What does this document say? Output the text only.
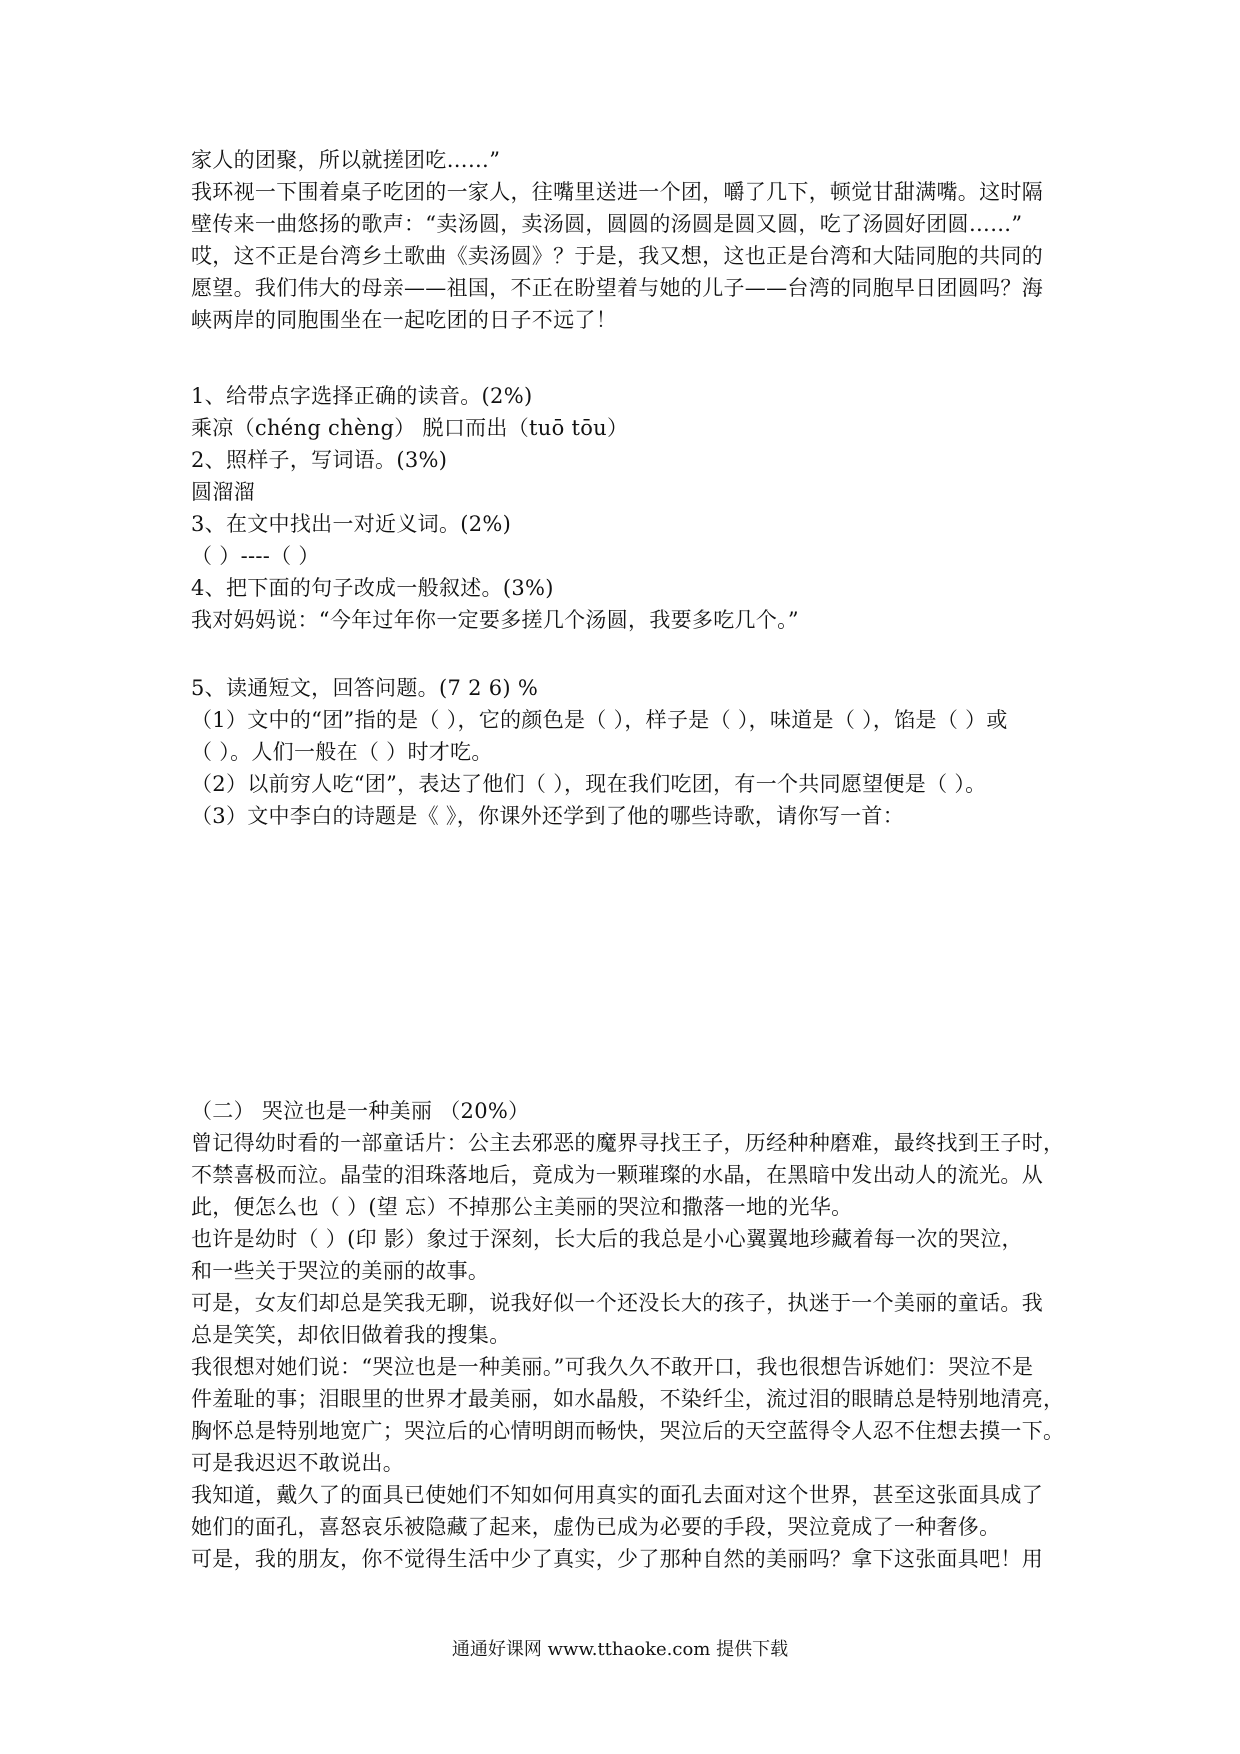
家人的团聚，所以就搓团吃……”
我环视一下围着桌子吃团的一家人，往嘴里送进一个团，嚼了几下，顿觉甘甜满嘴。这时隔
壁传来一曲悠扬的歌声：“卖汤圆，卖汤圆，圆圆的汤圆是圆又圆，吃了汤圆好团圆……”
哎，这不正是台湾乡土歌曲《卖汤圆》？于是，我又想，这也正是台湾和大陆同胞的共同的
愿望。我们伟大的母亲——祖国，不正在盼望着与她的儿子——台湾的同胞早日团圆吗？海
峡两岸的同胞围坐在一起吃团的日子不远了！
1、给带点字选择正确的读音。(2%)
乘凉（chéng chèng） 脱口而出（tuō tōu）
2、照样子，写词语。(3%)
圆溜溜
3、在文中找出一对近义词。(2%)
（ ）----（ ）
4、把下面的句子改成一般叙述。(3%)
我对妈妈说：“今年过年你一定要多搓几个汤圆，我要多吃几个。”
5、读通短文，回答问题。(7 2 6) %
（1）文中的“团”指的是（ ），它的颜色是（ ），样子是（ ），味道是（ ），馅是（ ）或
（ ）。人们一般在（ ）时才吃。
（2）以前穷人吃“团”，表达了他们（ ），现在我们吃团，有一个共同愿望便是（ ）。
（3）文中李白的诗题是《 》，你课外还学到了他的哪些诗歌，请你写一首：
（二） 哭泣也是一种美丽 （20%）
曾记得幼时看的一部童话片：公主去邪恶的魔界寻找王子，历经种种磨难，最终找到王子时，
不禁喜极而泣。晶莹的泪珠落地后，竟成为一颗璀璨的水晶，在黑暗中发出动人的流光。从
此，便怎么也（ ）(望 忘）不掉那公主美丽的哭泣和撒落一地的光华。
也许是幼时（ ）(印 影）象过于深刻，长大后的我总是小心翼翼地珍藏着每一次的哭泣，
和一些关于哭泣的美丽的故事。
可是，女友们却总是笑我无聊，说我好似一个还没长大的孩子，执迷于一个美丽的童话。我
总是笑笑，却依旧做着我的搜集。
我很想对她们说：“哭泣也是一种美丽。”可我久久不敢开口，我也很想告诉她们：哭泣不是
件羞耻的事；泪眼里的世界才最美丽，如水晶般，不染纤尘，流过泪的眼睛总是特别地清亮，
胸怀总是特别地宽广；哭泣后的心情明朗而畅快，哭泣后的天空蓝得令人忍不住想去摸一下。
可是我迟迟不敢说出。
我知道，戴久了的面具已使她们不知如何用真实的面孔去面对这个世界，甚至这张面具成了
她们的面孔，喜怒哀乐被隐藏了起来，虚伪已成为必要的手段，哭泣竟成了一种奢侈。
可是，我的朋友，你不觉得生活中少了真实，少了那种自然的美丽吗？拿下这张面具吧！用
通通好课网 www.tthaoke.com 提供下载
